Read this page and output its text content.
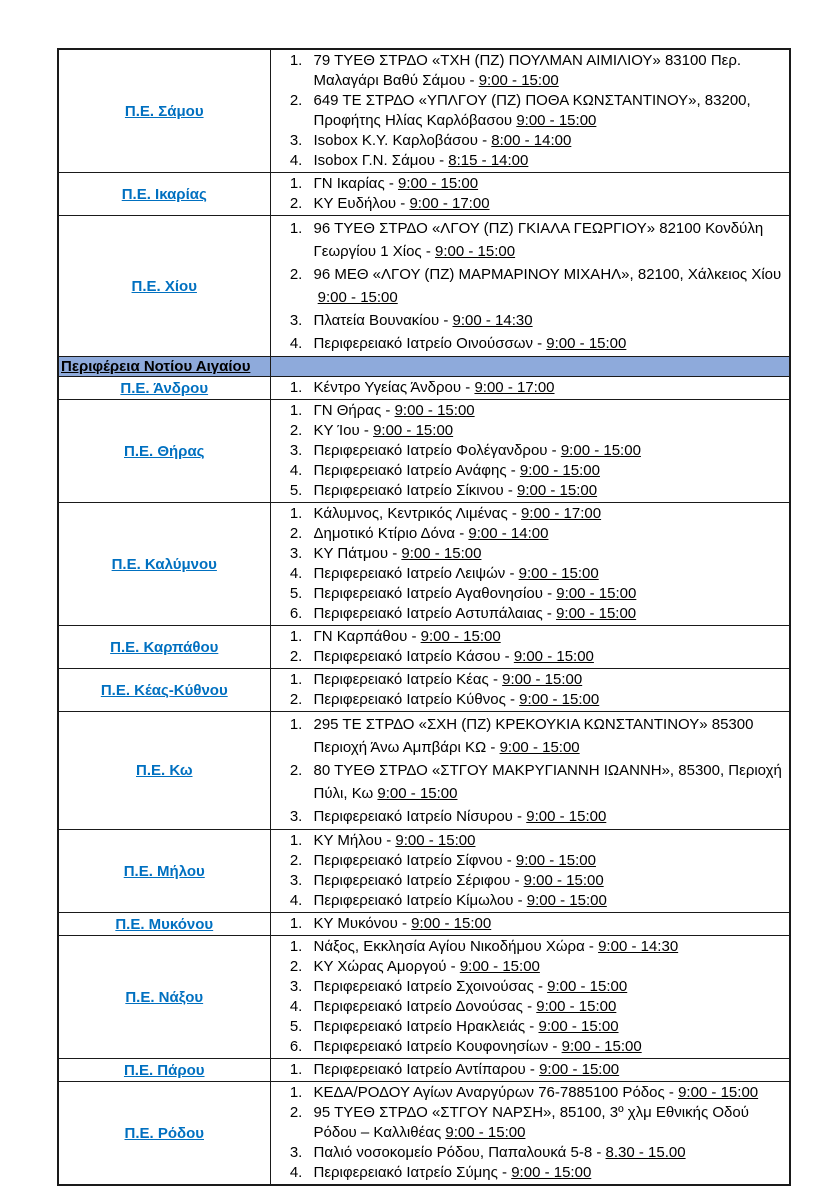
Π.Ε. Σάμου	
1. 79 ΤΥΕΘ ΣΤΡΔΟ «ΤΧΗ (ΠΖ) ΠΟΥΛΜΑΝ ΑΙΜΙΛΙΟΥ» 83100 Περ. Μαλαγάρι Βαθύ Σάμου - 9:00 - 15:00
2. 649 ΤΕ ΣΤΡΔΟ «ΥΠΛΓΟΥ (ΠΖ) ΠΟΘΑ ΚΩΝΣΤΑΝΤΙΝΟΥ», 83200, Προφήτης Ηλίας Καρλόβασου 9:00 - 15:00
3. Isobox Κ.Υ. Καρλοβάσου - 8:00 - 14:00
4. Isobox Γ.Ν. Σάμου - 8:15 - 14:00

Π.Ε. Ικαρίας	
1. ΓΝ Ικαρίας - 9:00 - 15:00
2. ΚΥ Ευδήλου - 9:00 - 17:00

Π.Ε. Χίου	
1. 96 ΤΥΕΘ ΣΤΡΔΟ «ΛΓΟΥ (ΠΖ) ΓΚΙΑΛΑ ΓΕΩΡΓΙΟΥ» 82100 Κονδύλη Γεωργίου 1 Χίος - 9:00 - 15:00
2. 96 ΜΕΘ «ΛΓΟΥ (ΠΖ) ΜΑΡΜΑΡΙΝΟΥ ΜΙΧΑΗΛ», 82100, Χάλκειος Χίου 9:00 - 15:00
3. Πλατεία Βουνακίου - 9:00 - 14:30
4. Περιφερειακό Ιατρείο Οινούσσων - 9:00 - 15:00

Περιφέρεια Νοτίου Αιγαίου	
Π.Ε. Άνδρου	
1.Κέντρο Υγείας Άνδρου - 9:00 - 17:00

Π.Ε. Θήρας	
1. ΓΝ Θήρας - 9:00 - 15:00
2. ΚΥ Ίου - 9:00 - 15:00
3. Περιφερειακό Ιατρείο Φολέγανδρου - 9:00 - 15:00
4. Περιφερειακό Ιατρείο Ανάφης - 9:00 - 15:00
5. Περιφερειακό Ιατρείο Σίκινου - 9:00 - 15:00

Π.Ε. Καλύμνου	
1. Κάλυμνος, Κεντρικός Λιμένας - 9:00 - 17:00
2. Δημοτικό Κτίριο Δόνα - 9:00 - 14:00
3. ΚΥ Πάτμου - 9:00 - 15:00
4. Περιφερειακό Ιατρείο Λειψών - 9:00 - 15:00
5. Περιφερειακό Ιατρείο Αγαθονησίου - 9:00 - 15:00
6. Περιφερειακό Ιατρείο Αστυπάλαιας - 9:00 - 15:00

Π.Ε. Καρπάθου	
1. ΓΝ Καρπάθου - 9:00 - 15:00
2. Περιφερειακό Ιατρείο Κάσου - 9:00 - 15:00

Π.Ε. Κέας-Κύθνου	
1. Περιφερειακό Ιατρείο Κέας - 9:00 - 15:00
2. Περιφερειακό Ιατρείο Κύθνος - 9:00 - 15:00

Π.Ε. Κω	
1. 295 ΤΕ ΣΤΡΔΟ «ΣΧΗ (ΠΖ) ΚΡΕΚΟΥΚΙΑ ΚΩΝΣΤΑΝΤΙΝΟΥ» 85300 Περιοχή Άνω Αμπβάρι ΚΩ - 9:00 - 15:00
2. 80 ΤΥΕΘ ΣΤΡΔΟ «ΣΤΓΟΥ ΜΑΚΡΥΓΙΑΝΝΗ ΙΩΑΝΝΗ», 85300, Περιοχή Πύλι, Κω 9:00 - 15:00
3. Περιφερειακό Ιατρείο Νίσυρου - 9:00 - 15:00

Π.Ε. Μήλου	
1. ΚΥ Μήλου - 9:00 - 15:00
2. Περιφερειακό Ιατρείο Σίφνου - 9:00 - 15:00
3. Περιφερειακό Ιατρείο Σέριφου - 9:00 - 15:00
4. Περιφερειακό Ιατρείο Κίμωλου - 9:00 - 15:00

Π.Ε. Μυκόνου	
1.ΚΥ Μυκόνου - 9:00 - 15:00

Π.Ε. Νάξου	
1. Νάξος, Εκκλησία Αγίου Νικοδήμου Χώρα - 9:00 - 14:30
2. ΚΥ Χώρας Αμοργού - 9:00 - 15:00
3. Περιφερειακό Ιατρείο Σχοινούσας - 9:00 - 15:00
4. Περιφερειακό Ιατρείο Δονούσας - 9:00 - 15:00
5. Περιφερειακό Ιατρείο Ηρακλειάς - 9:00 - 15:00
6. Περιφερειακό Ιατρείο Κουφονησίων - 9:00 - 15:00

Π.Ε. Πάρου	
1.Περιφερειακό Ιατρείο Αντίπαρου - 9:00 - 15:00

Π.Ε. Ρόδου	
1. ΚΕΔΑ/ΡΟΔΟΥ Αγίων Αναργύρων 76-7885100 Ρόδος - 9:00 - 15:00
2. 95 ΤΥΕΘ ΣΤΡΔΟ «ΣΤΓΟΥ ΝΑΡΣΗ», 85100, 3º χλμ Εθνικής Οδού Ρόδου – Καλλιθέας 9:00 - 15:00
3. Παλιό νοσοκομείο Ρόδου, Παπαλουκά 5-8 - 8.30 - 15.00
4. Περιφερειακό Ιατρείο Σύμης - 9:00 - 15:00
